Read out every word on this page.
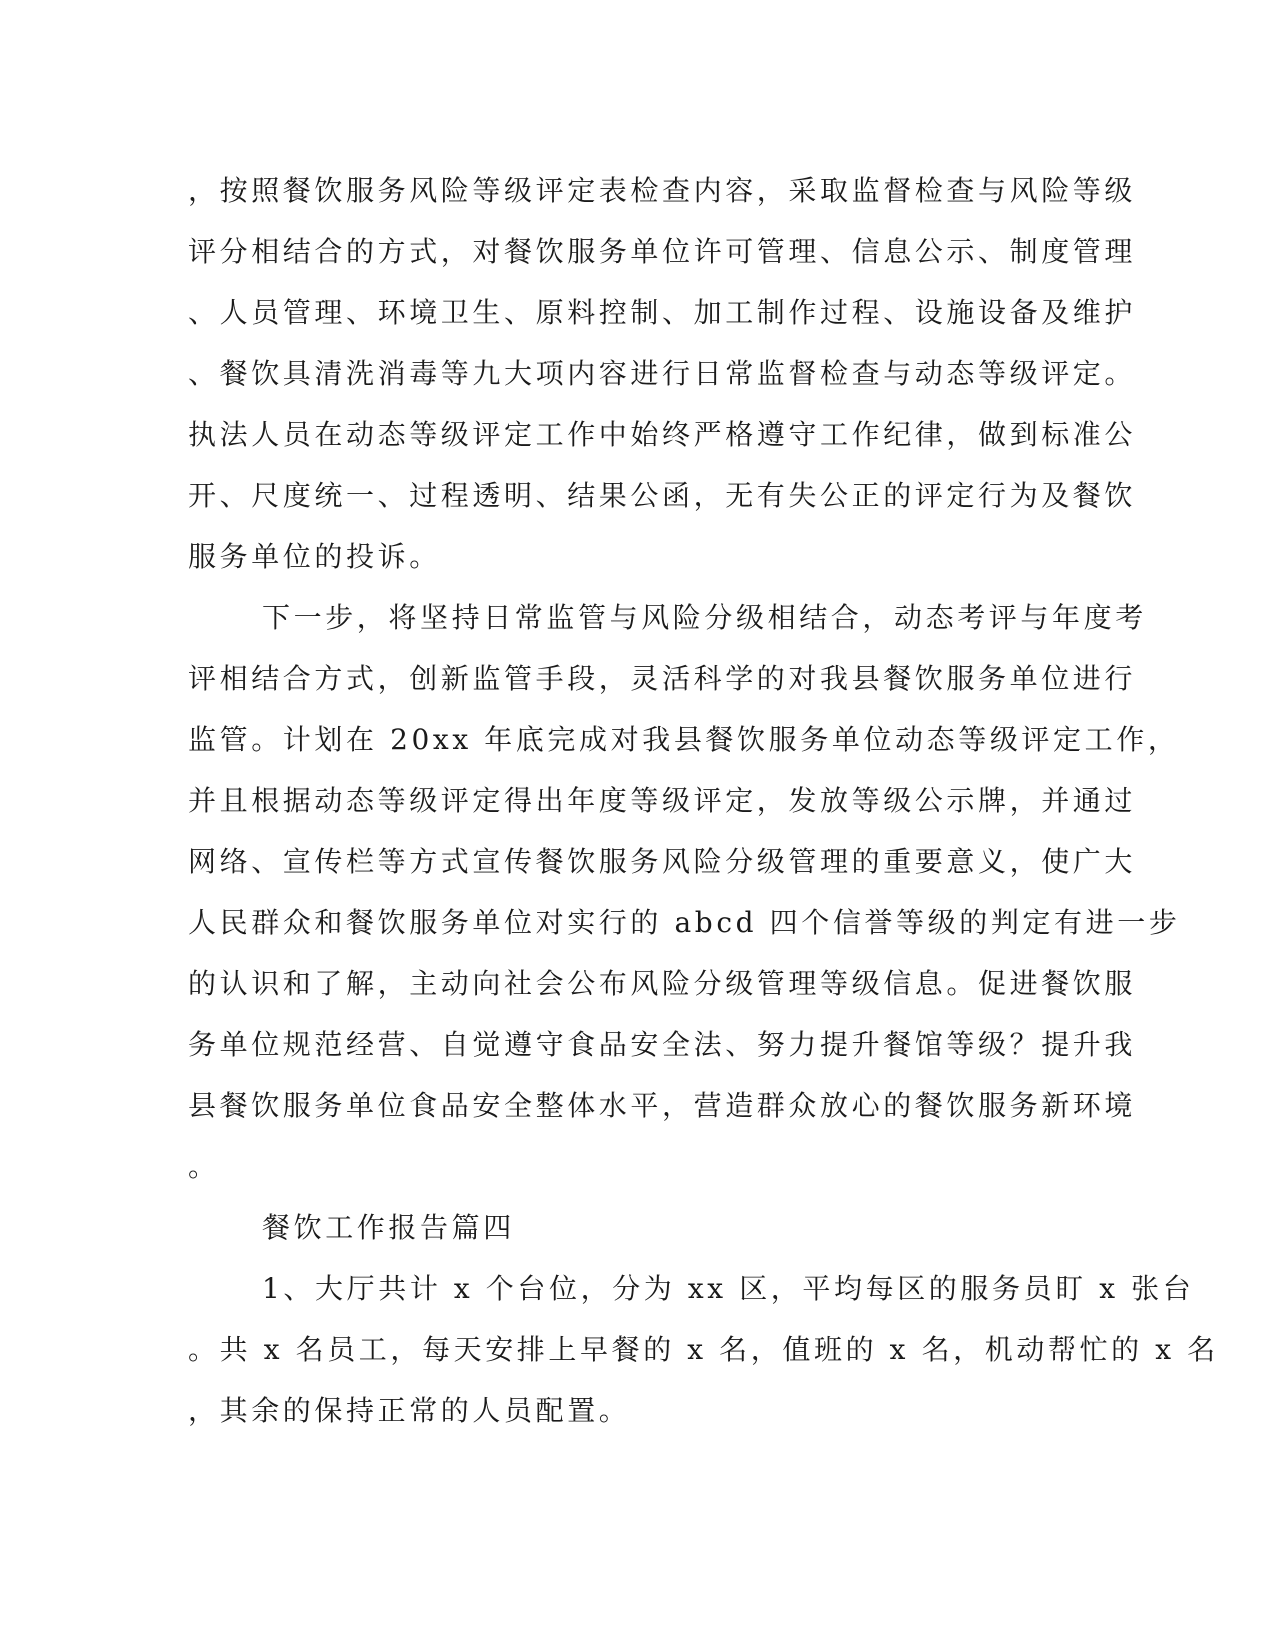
，按照餐饮服务风险等级评定表检查内容，采取监督检查与风险等级
评分相结合的方式，对餐饮服务单位许可管理、信息公示、制度管理
、人员管理、环境卫生、原料控制、加工制作过程、设施设备及维护
、餐饮具清洗消毒等九大项内容进行日常监督检查与动态等级评定。
执法人员在动态等级评定工作中始终严格遵守工作纪律，做到标准公
开、尺度统一、过程透明、结果公函，无有失公正的评定行为及餐饮
服务单位的投诉。
下一步，将坚持日常监管与风险分级相结合，动态考评与年度考
评相结合方式，创新监管手段，灵活科学的对我县餐饮服务单位进行
监管。计划在 20xx 年底完成对我县餐饮服务单位动态等级评定工作，
并且根据动态等级评定得出年度等级评定，发放等级公示牌，并通过
网络、宣传栏等方式宣传餐饮服务风险分级管理的重要意义，使广大
人民群众和餐饮服务单位对实行的 abcd 四个信誉等级的判定有进一步
的认识和了解，主动向社会公布风险分级管理等级信息。促进餐饮服
务单位规范经营、自觉遵守食品安全法、努力提升餐馆等级？提升我
县餐饮服务单位食品安全整体水平，营造群众放心的餐饮服务新环境
。
餐饮工作报告篇四
1、大厅共计 x 个台位，分为 xx 区，平均每区的服务员盯 x 张台
。共 x 名员工，每天安排上早餐的 x 名，值班的 x 名，机动帮忙的 x 名
，其余的保持正常的人员配置。
